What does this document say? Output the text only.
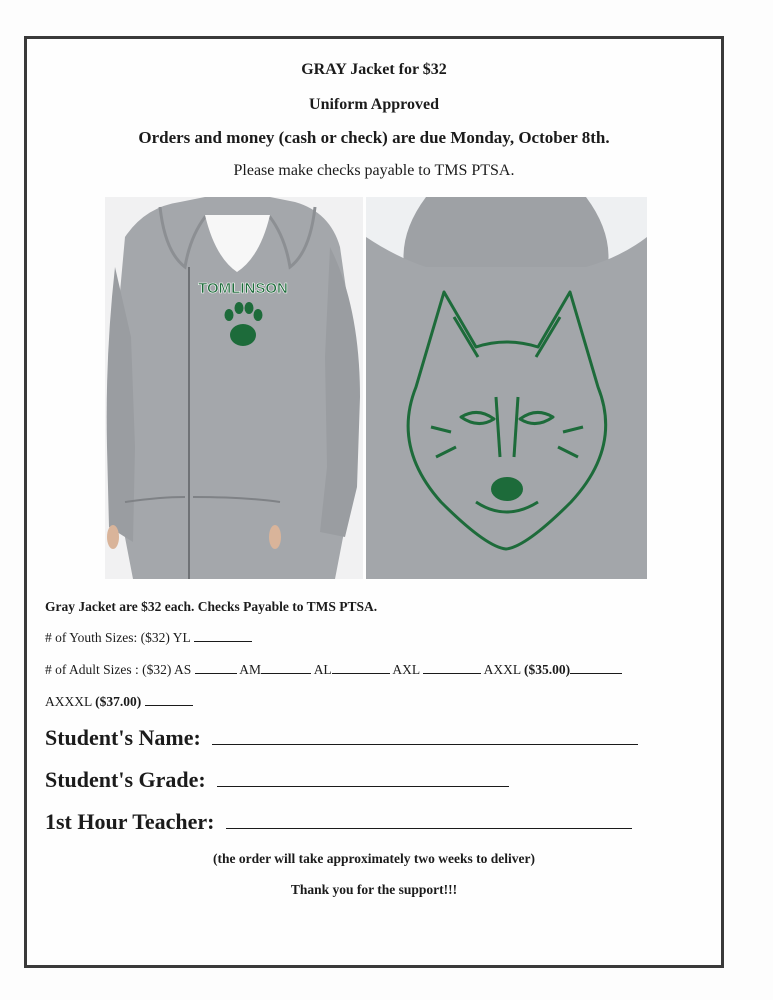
GRAY Jacket for $32
Uniform Approved
Orders and money (cash or check) are due Monday, October 8th.
Please make checks payable to TMS PTSA.
TOMLINSON
Gray Jacket are $32 each. Checks Payable to TMS PTSA.
# of Youth Sizes: ($32) YL
# of Adult Sizes : ($32) AS	AM	AL	AXL	AXXL ($35.00)
AXXXL ($37.00)
Student's Name:
Student's Grade:
1st Hour Teacher:
(the order will take approximately two weeks to deliver)
Thank you for the support!!!
